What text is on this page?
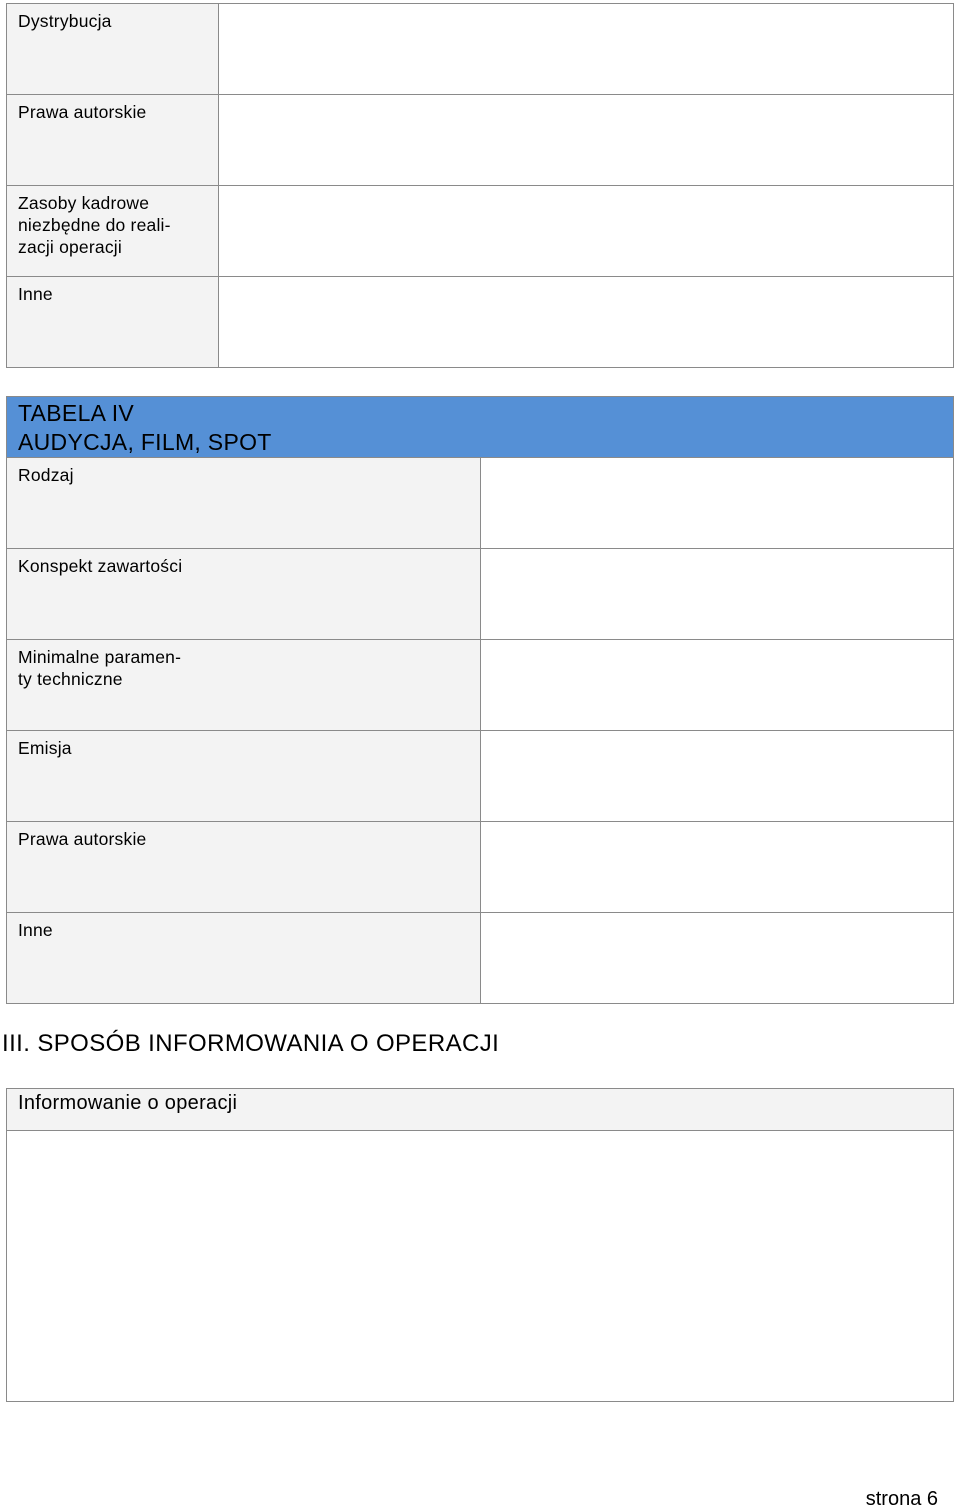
Dystrybucja	

Prawa autorskie	

Zasoby kadrowe
niezbędne do reali-
zacji operacji	

Inne	

TABELA IV
AUDYCJA, FILM, SPOT	

Rodzaj	

Konspekt zawartości	

Minimalne paramen-
ty techniczne	

Emisja	

Prawa autorskie	

Inne	

III. SPOSÓB INFORMOWANIA O OPERACJI
Informowanie o operacji

strona 6
